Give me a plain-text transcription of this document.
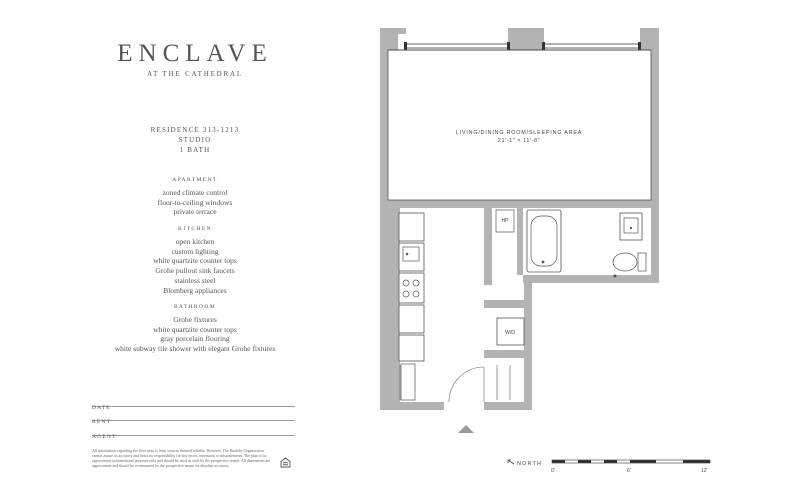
ENCLAVE
AT THE CATHEDRAL
RESIDENCE 313-1213
STUDIO
1 BATH
APARTMENT
zoned climate control
floor-to-ceiling windows
private terrace
KITCHEN
open kitchen
custom lighting
white quartzite counter tops
Grohe pullout sink faucets
stainless steel
Blomberg appliances
BATHROOM
Grohe fixtures
white quartzite counter tops
gray porcelain flooring
white subway tile shower with elegant Grohe fixtures
DATE
RENT
AGENT
All information regarding the floor plan is from sources deemed reliable. However, The Brodsky Organization cannot assure its accuracy and bears no responsibility for any errors, omissions or misstatements. The plan is for approximate informational purposes only and should be used as such by the prospective tenant. All dimensions are approximate and should be re-measured by the prospective tenant for absolute accuracy.
HP
W/D
LIVING/DINING ROOM/SLEEPING AREA
21'-1" × 11'-8"
NORTH
0'	6'	12'
